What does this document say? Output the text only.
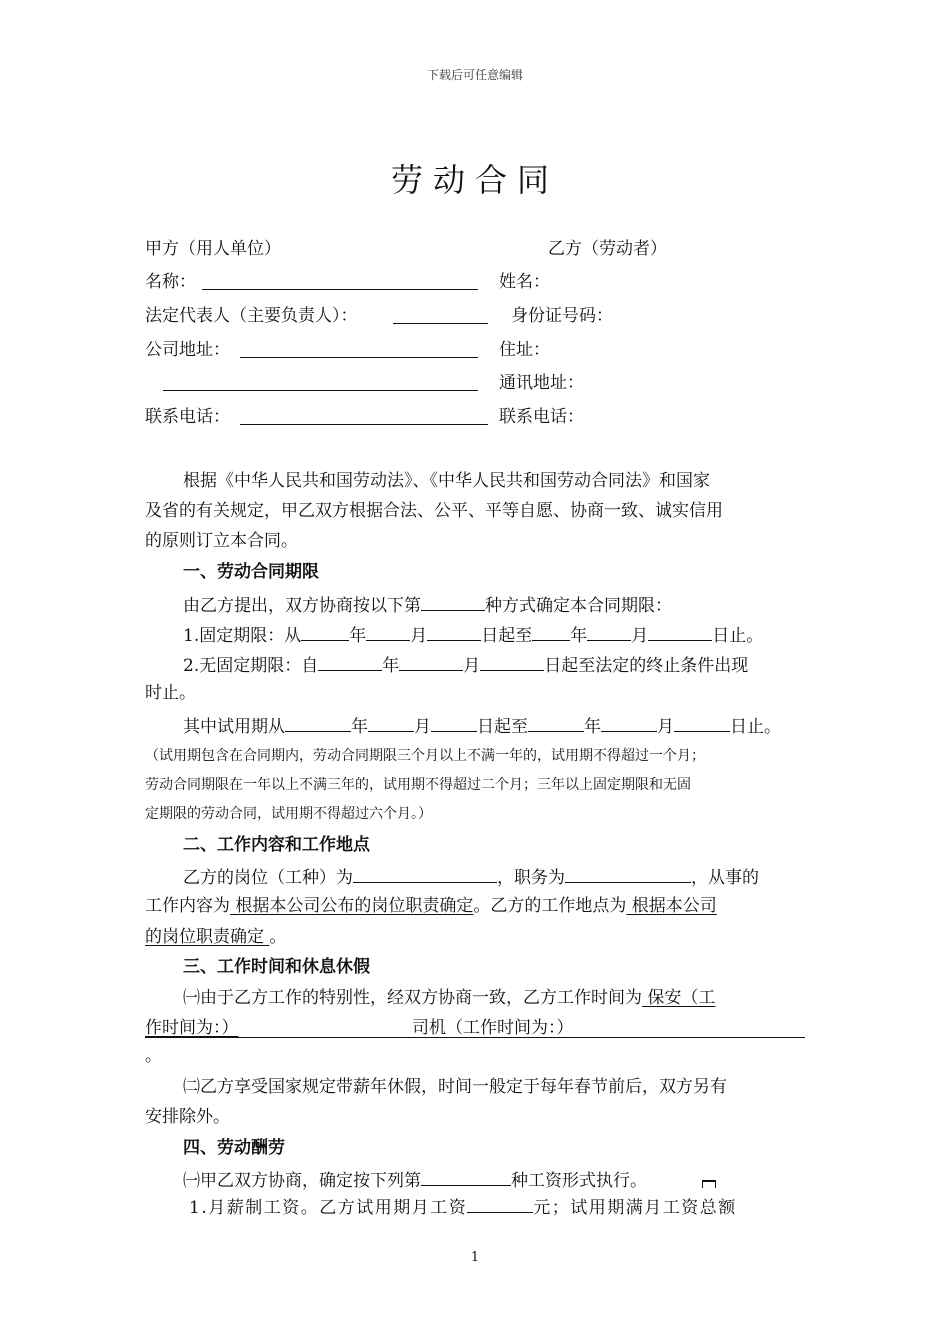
下载后可任意编辑
劳动合同
甲方（用人单位）	乙方（劳动者）
名称：	姓名：
法定代表人（主要负责人）：	身份证号码：
公司地址：	住址：
通讯地址：
联系电话：	联系电话：
根据《中华人民共和国劳动法》、《中华人民共和国劳动合同法》和国家
及省的有关规定，甲乙双方根据合法、公平、平等自愿、协商一致、诚实信用
的原则订立本合同。
一、劳动合同期限
由乙方提出，双方协商按以下第	种方式确定本合同期限：
1.固定期限：从	年	月	日起至 年	月	日止。
2.无固定期限：自	年	月	日起至法定的终止条件出现
时止。
其中试用期从	年	月	日起至	年	月	日止。
（试用期包含在合同期内，劳动合同期限三个月以上不满一年的，试用期不得超过一个月；
劳动合同期限在一年以上不满三年的，试用期不得超过二个月；三年以上固定期限和无固
定期限的劳动合同，试用期不得超过六个月。）
二、工作内容和工作地点
乙方的岗位（工种）为	，职务为	，从事的
工作内容为 根据本公司公布的岗位职责确定。乙方的工作地点为 根据本公司
的岗位职责确定 。
三、工作时间和休息休假
㈠由于乙方工作的特别性，经双方协商一致，乙方工作时间为 保安（工
作时间为：）	司机（工作时间为：）
。
㈡乙方享受国家规定带薪年休假，时间一般定于每年春节前后，双方另有
安排除外。
四、劳动酬劳
㈠甲乙双方协商，确定按下列第	种工资形式执行。
1.月薪制工资。乙方试用期月工资	元；试用期满月工资总额
1
